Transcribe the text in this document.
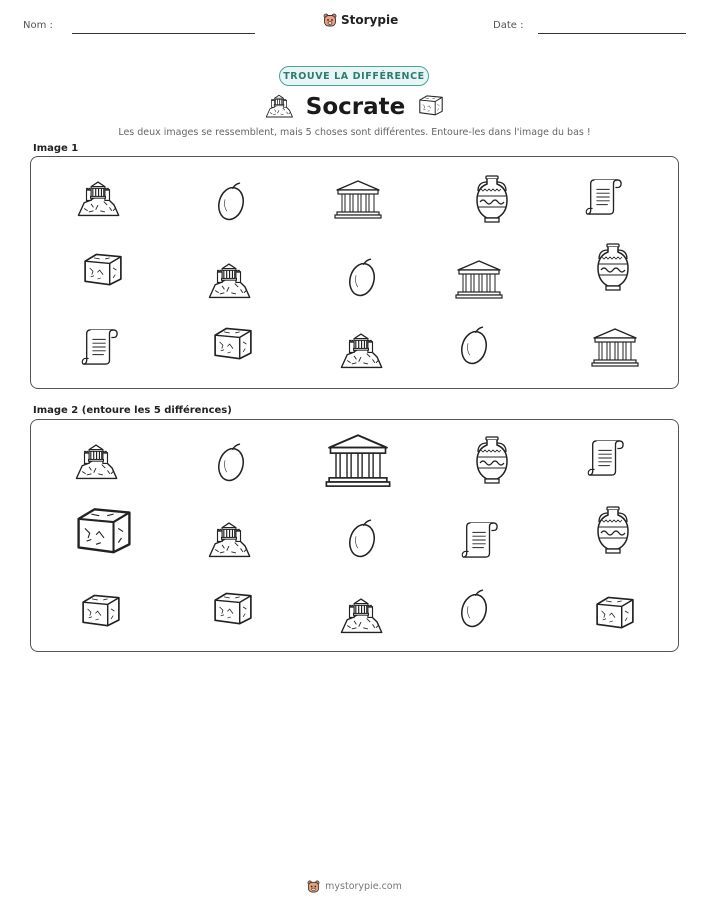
Nom :	Storypie	Date :
TROUVE LA DIFFÉRENCE
Socrate
Les deux images se ressemblent, mais 5 choses sont différentes. Entoure-les dans l'image du bas !
Image 1
Image 2 (entoure les 5 différences)
mystorypie.com
